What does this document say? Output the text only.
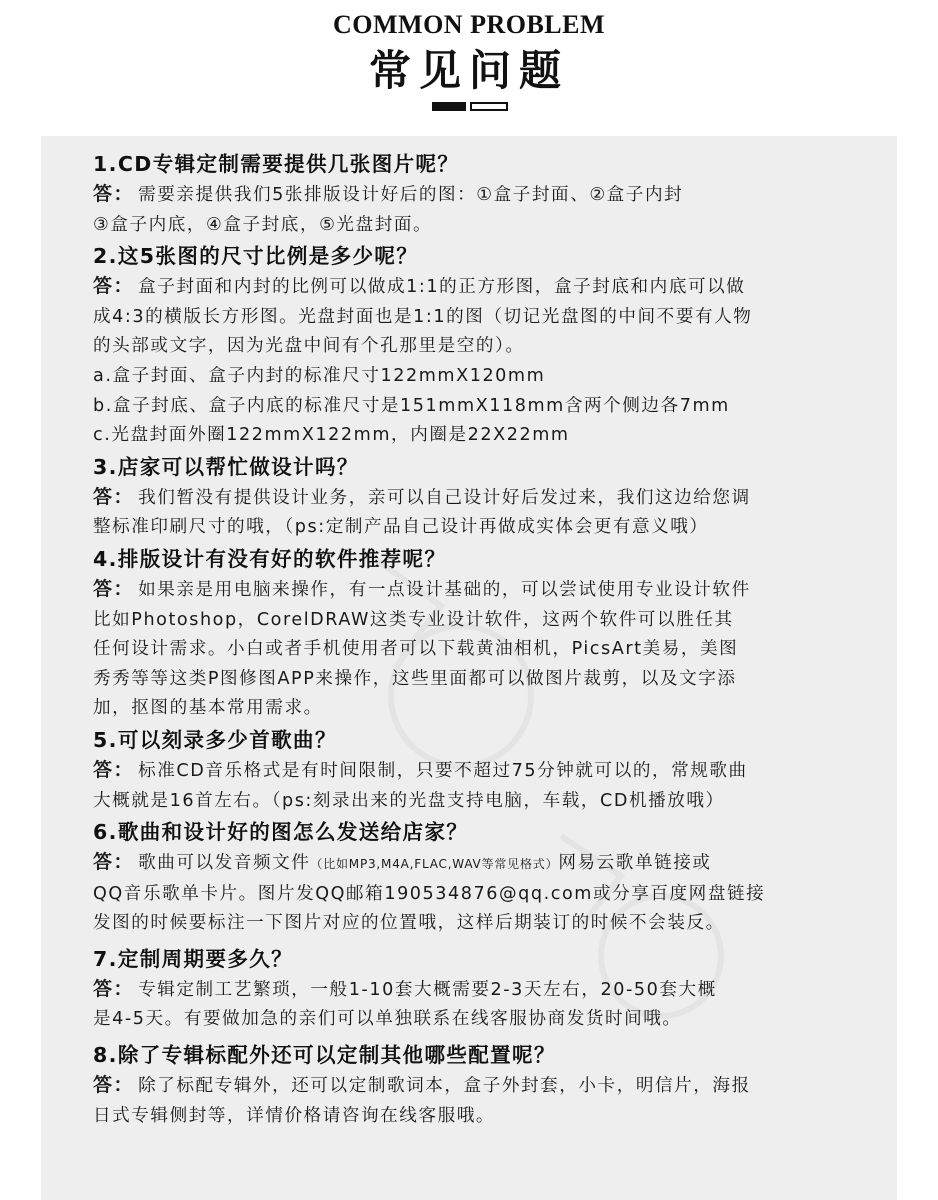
COMMON PROBLEM
常见问题
1.CD专辑定制需要提供几张图片呢？
答： 需要亲提供我们5张排版设计好后的图：①盒子封面、②盒子内封
③盒子内底，④盒子封底，⑤光盘封面。
2.这5张图的尺寸比例是多少呢？
答： 盒子封面和内封的比例可以做成1:1的正方形图，盒子封底和内底可以做
成4:3的横版长方形图。光盘封面也是1:1的图（切记光盘图的中间不要有人物
的头部或文字，因为光盘中间有个孔那里是空的）。
a.盒子封面、盒子内封的标准尺寸122mmX120mm
b.盒子封底、盒子内底的标准尺寸是151mmX118mm含两个侧边各7mm
c.光盘封面外圈122mmX122mm，内圈是22X22mm
3.店家可以帮忙做设计吗？
答： 我们暂没有提供设计业务，亲可以自己设计好后发过来，我们这边给您调
整标准印刷尺寸的哦，（ps:定制产品自己设计再做成实体会更有意义哦）
4.排版设计有没有好的软件推荐呢？
答： 如果亲是用电脑来操作，有一点设计基础的，可以尝试使用专业设计软件
比如Photoshop，CorelDRAW这类专业设计软件，这两个软件可以胜任其
任何设计需求。小白或者手机使用者可以下载黄油相机，PicsArt美易，美图
秀秀等等这类P图修图APP来操作，这些里面都可以做图片裁剪，以及文字添
加，抠图的基本常用需求。
5.可以刻录多少首歌曲？
答： 标准CD音乐格式是有时间限制，只要不超过75分钟就可以的，常规歌曲
大概就是16首左右。（ps:刻录出来的光盘支持电脑，车载，CD机播放哦）
6.歌曲和设计好的图怎么发送给店家？
答： 歌曲可以发音频文件（比如MP3,M4A,FLAC,WAV等常见格式）网易云歌单链接或
QQ音乐歌单卡片。图片发QQ邮箱190534876@qq.com或分享百度网盘链接
发图的时候要标注一下图片对应的位置哦，这样后期装订的时候不会装反。
7.定制周期要多久？
答： 专辑定制工艺繁琐，一般1-10套大概需要2-3天左右，20-50套大概
是4-5天。有要做加急的亲们可以单独联系在线客服协商发货时间哦。
8.除了专辑标配外还可以定制其他哪些配置呢？
答： 除了标配专辑外，还可以定制歌词本，盒子外封套，小卡，明信片，海报
日式专辑侧封等，详情价格请咨询在线客服哦。
